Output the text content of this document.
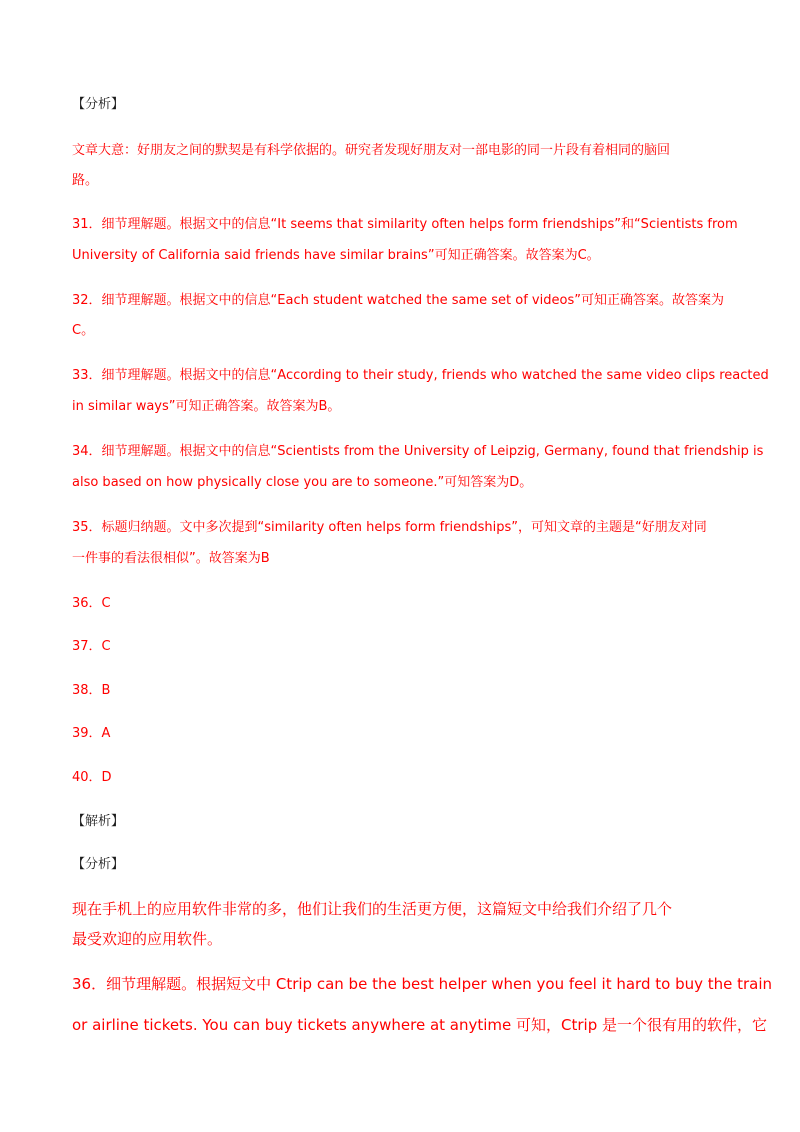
【分析】

文章大意：好朋友之间的默契是有科学依据的。研究者发现好朋友对一部电影的同一片段有着相同的脑回

路。

31．细节理解题。根据文中的信息“It seems that similarity often helps form friendships”和“Scientists from

University of California said friends have similar brains”可知正确答案。故答案为C。

32．细节理解题。根据文中的信息“Each student watched the same set of videos”可知正确答案。故答案为

C。

33．细节理解题。根据文中的信息“According to their study, friends who watched the same video clips reacted

in similar ways”可知正确答案。故答案为B。

34．细节理解题。根据文中的信息“Scientists from the University of Leipzig, Germany, found that friendship is

also based on how physically close you are to someone.”可知答案为D。

35．标题归纳题。文中多次提到“similarity often helps form friendships”，可知文章的主题是“好朋友对同

一件事的看法很相似”。故答案为B

36．C

37．C

38．B

39．A

40．D

【解析】

【分析】

现在手机上的应用软件非常的多，他们让我们的生活更方便，这篇短文中给我们介绍了几个

最受欢迎的应用软件。

36．细节理解题。根据短文中 Ctrip can be the best helper when you feel it hard to buy the train

or airline tickets. You can buy tickets anywhere at anytime 可知，Ctrip 是一个很有用的软件，它
